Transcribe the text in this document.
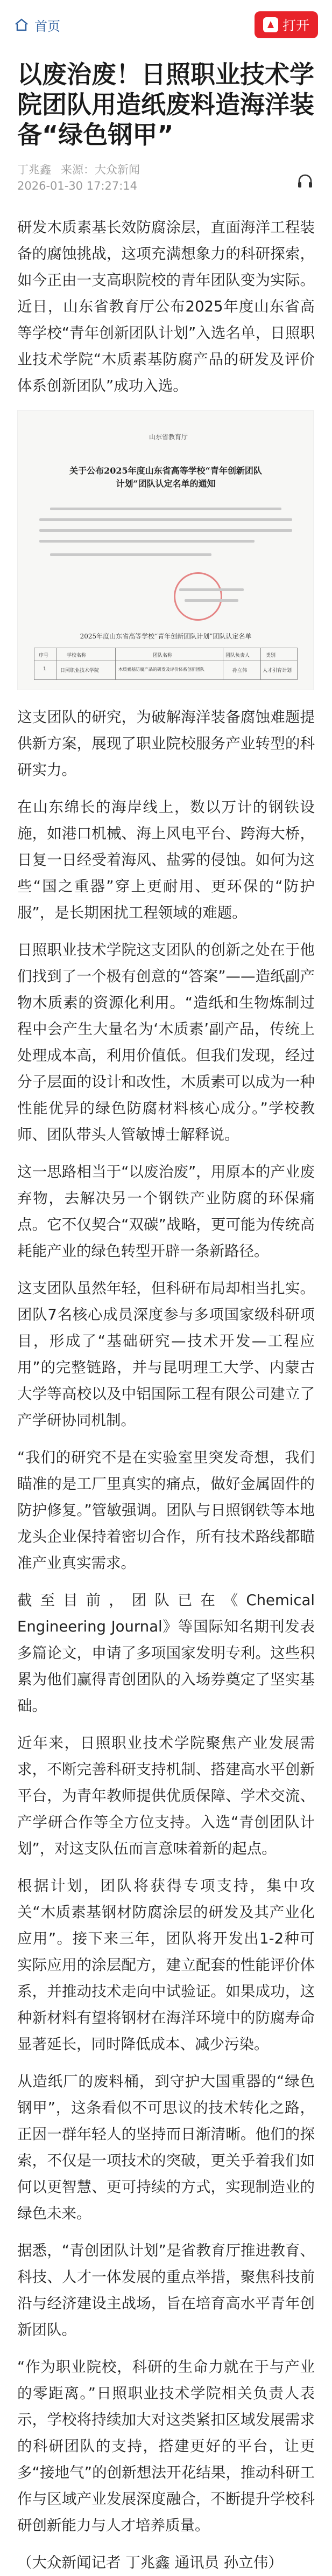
首页	打开
以废治废！日照职业技术学院团队用造纸废料造海洋装备“绿色钢甲”
丁兆鑫 来源：大众新闻
2026-01-30 17:27:14

研发木质素基长效防腐涂层，直面海洋工程装备的腐蚀挑战，这项充满想象力的科研探索，如今正由一支高职院校的青年团队变为实际。近日，山东省教育厅公布2025年度山东省高等学校“青年创新团队计划”入选名单，日照职业技术学院“木质素基防腐产品的研发及评价体系创新团队”成功入选。

山东省教育厅
关于公布2025年度山东省高等学校“青年创新团队计划”团队认定名单的通知
2025年度山东省高等学校“青年创新团队计划”团队认定名单
序号	学校名称	团队名称	团队负责人	类别
1	日照职业技术学院	木质素基防腐产品的研发及评价体系创新团队	孙立伟	人才引育计划

这支团队的研究，为破解海洋装备腐蚀难题提供新方案，展现了职业院校服务产业转型的科研实力。

在山东绵长的海岸线上，数以万计的钢铁设施，如港口机械、海上风电平台、跨海大桥，日复一日经受着海风、盐雾的侵蚀。如何为这些“国之重器”穿上更耐用、更环保的“防护服”，是长期困扰工程领域的难题。

日照职业技术学院这支团队的创新之处在于他们找到了一个极有创意的“答案”——造纸副产物木质素的资源化利用。“造纸和生物炼制过程中会产生大量名为‘木质素’副产品，传统上处理成本高，利用价值低。但我们发现，经过分子层面的设计和改性，木质素可以成为一种性能优异的绿色防腐材料核心成分。”学校教师、团队带头人管敏博士解释说。

这一思路相当于“以废治废”，用原本的产业废弃物，去解决另一个钢铁产业防腐的环保痛点。它不仅契合“双碳”战略，更可能为传统高耗能产业的绿色转型开辟一条新路径。

这支团队虽然年轻，但科研布局却相当扎实。团队7名核心成员深度参与多项国家级科研项目，形成了“基础研究—技术开发—工程应用”的完整链路，并与昆明理工大学、内蒙古大学等高校以及中铝国际工程有限公司建立了产学研协同机制。

“我们的研究不是在实验室里突发奇想，我们瞄准的是工厂里真实的痛点，做好金属固件的防护修复。”管敏强调。团队与日照钢铁等本地龙头企业保持着密切合作，所有技术路线都瞄准产业真实需求。

截至目前，团队已在《Chemical Engineering Journal》等国际知名期刊发表多篇论文，申请了多项国家发明专利。这些积累为他们赢得青创团队的入场券奠定了坚实基础。

近年来，日照职业技术学院聚焦产业发展需求，不断完善科研支持机制、搭建高水平创新平台，为青年教师提供优质保障、学术交流、产学研合作等全方位支持。入选“青创团队计划”，对这支队伍而言意味着新的起点。

根据计划，团队将获得专项支持，集中攻关“木质素基钢材防腐涂层的研发及其产业化应用”。接下来三年，团队将开发出1-2种可实际应用的涂层配方，建立配套的性能评价体系，并推动技术走向中试验证。如果成功，这种新材料有望将钢材在海洋环境中的防腐寿命显著延长，同时降低成本、减少污染。

从造纸厂的废料桶，到守护大国重器的“绿色钢甲”，这条看似不可思议的技术转化之路，正因一群年轻人的坚持而日渐清晰。他们的探索，不仅是一项技术的突破，更关乎着我们如何以更智慧、更可持续的方式，实现制造业的绿色未来。

据悉，“青创团队计划”是省教育厅推进教育、科技、人才一体发展的重点举措，聚焦科技前沿与经济建设主战场，旨在培育高水平青年创新团队。

“作为职业院校，科研的生命力就在于与产业的零距离。”日照职业技术学院相关负责人表示，学校将持续加大对这类紧扣区域发展需求的科研团队的支持，搭建更好的平台，让更多“接地气”的创新想法开花结果，推动科研工作与区域产业发展深度融合，不断提升学校科研创新能力与人才培养质量。

（大众新闻记者 丁兆鑫 通讯员 孙立伟）
